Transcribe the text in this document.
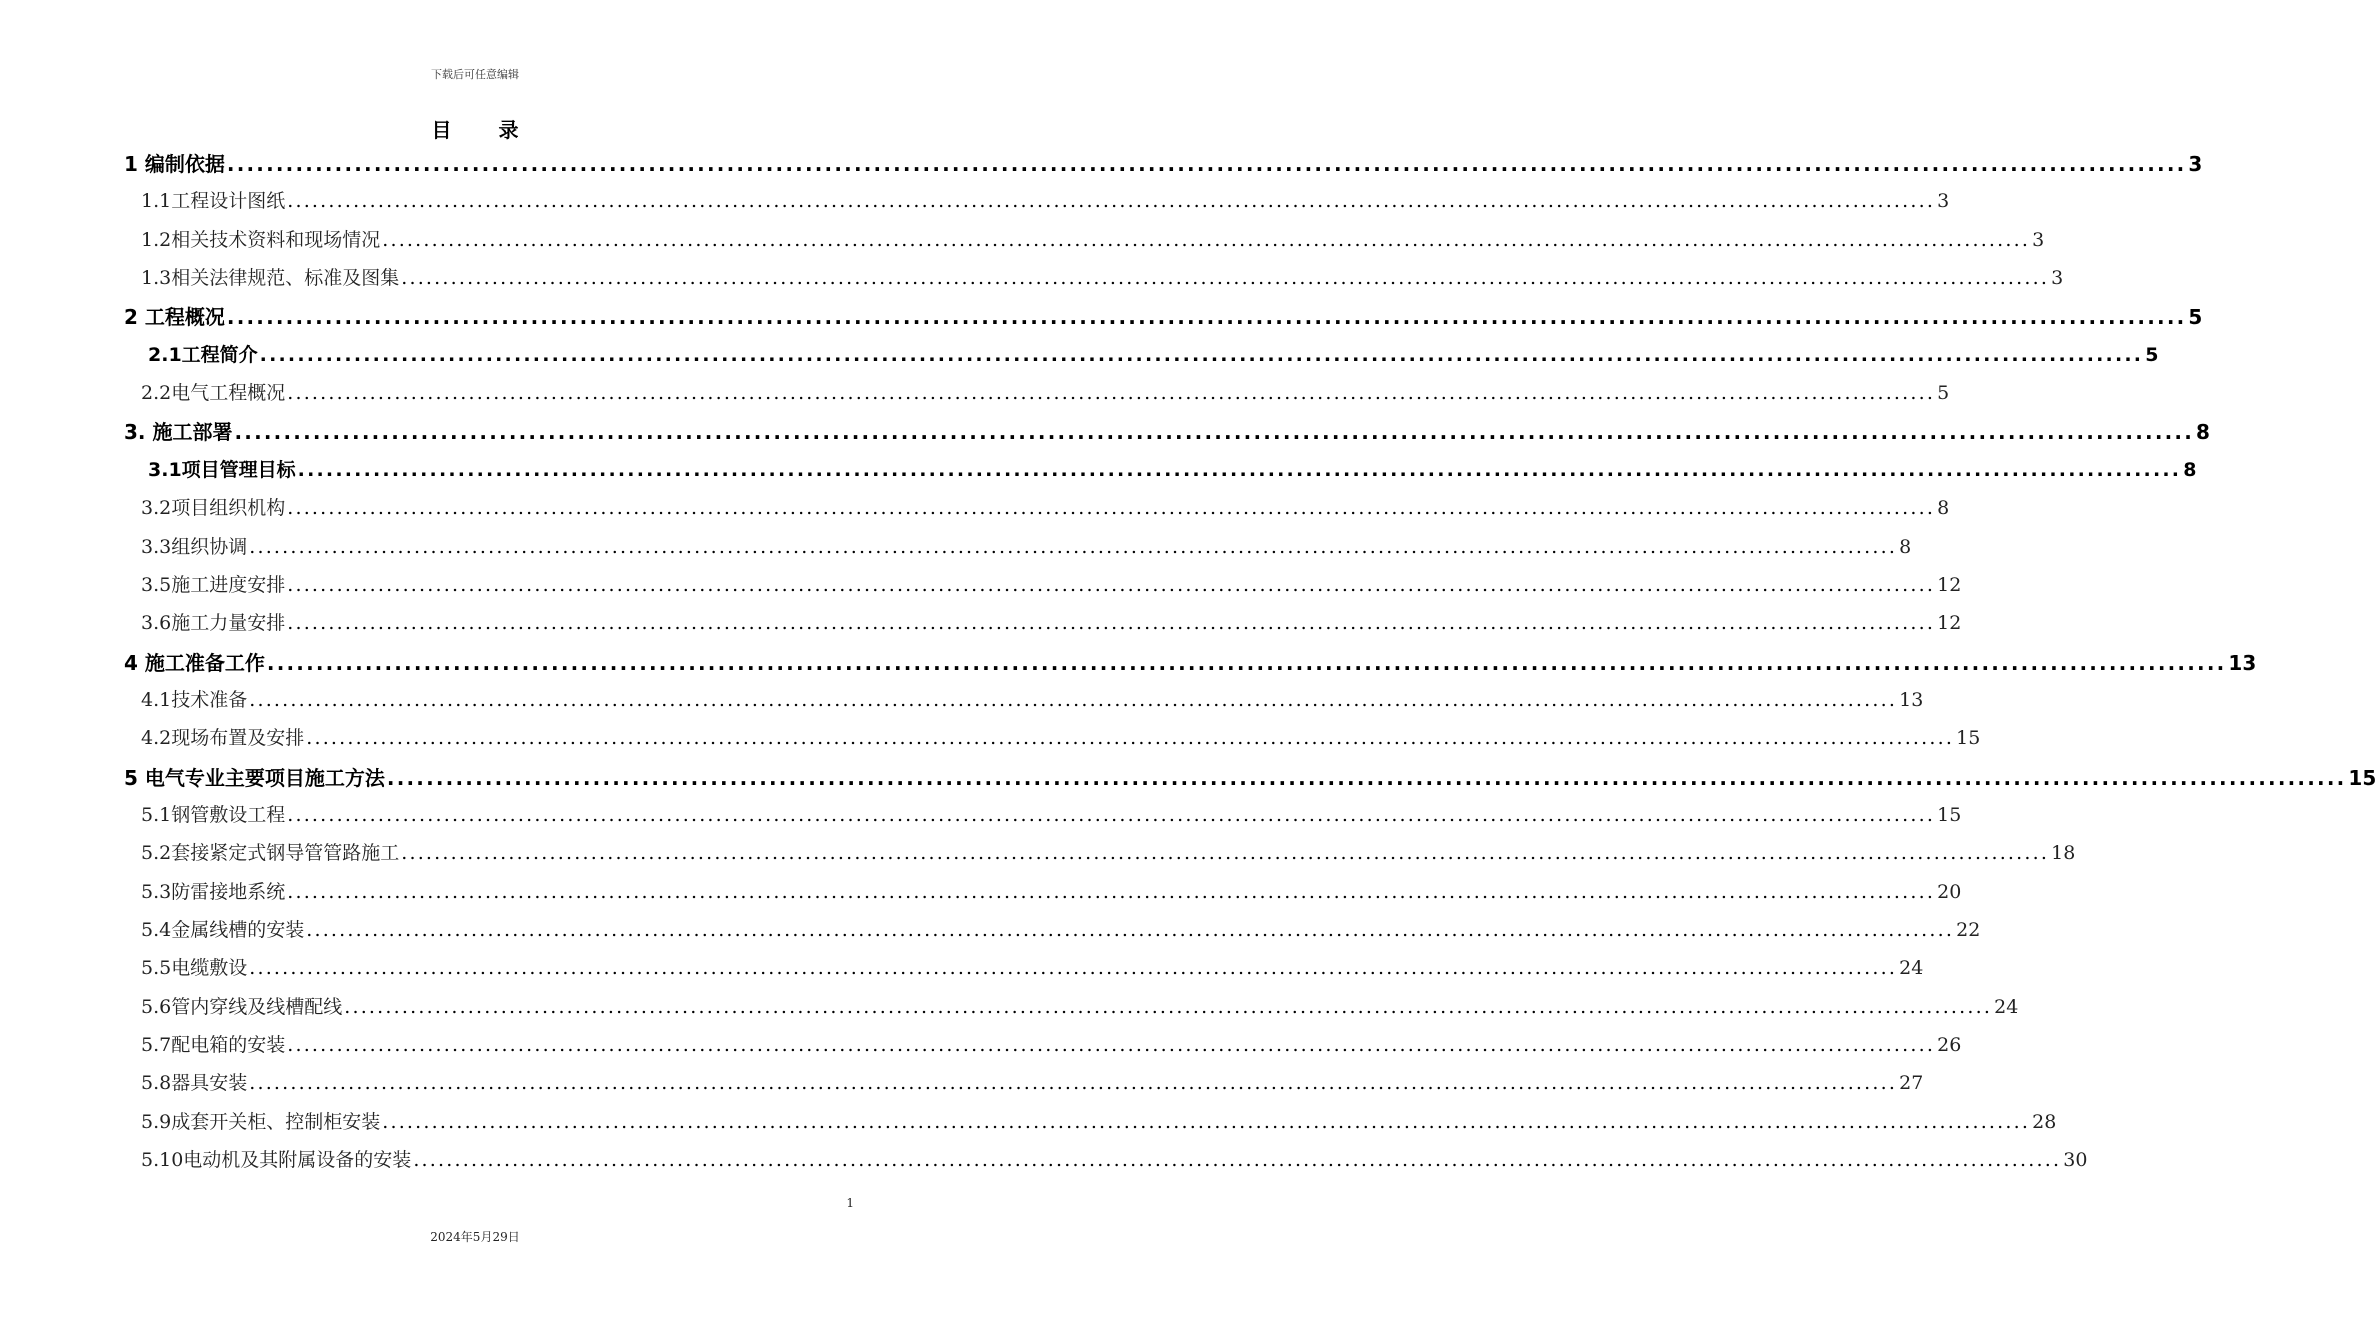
下载后可任意编辑
目 录
1 编制依据 ........................................................................................................................................................................................................ 3
1.1工程设计图纸 ........................................................................................................................................................................................................ 3
1.2相关技术资料和现场情况 ........................................................................................................................................................................................................ 3
1.3相关法律规范、标准及图集 ........................................................................................................................................................................................................ 3
2 工程概况 ........................................................................................................................................................................................................ 5
2.1工程简介 ........................................................................................................................................................................................................ 5
2.2电气工程概况 ........................................................................................................................................................................................................ 5
3. 施工部署 ........................................................................................................................................................................................................ 8
3.1项目管理目标 ........................................................................................................................................................................................................ 8
3.2项目组织机构 ........................................................................................................................................................................................................ 8
3.3组织协调 ........................................................................................................................................................................................................ 8
3.5施工进度安排 ........................................................................................................................................................................................................ 12
3.6施工力量安排 ........................................................................................................................................................................................................ 12
4 施工准备工作 ........................................................................................................................................................................................................ 13
4.1技术准备 ........................................................................................................................................................................................................ 13
4.2现场布置及安排 ........................................................................................................................................................................................................ 15
5 电气专业主要项目施工方法 ........................................................................................................................................................................................................ 15
5.1钢管敷设工程 ........................................................................................................................................................................................................ 15
5.2套接紧定式钢导管管路施工 ........................................................................................................................................................................................................ 18
5.3防雷接地系统 ........................................................................................................................................................................................................ 20
5.4金属线槽的安装 ........................................................................................................................................................................................................ 22
5.5电缆敷设 ........................................................................................................................................................................................................ 24
5.6管内穿线及线槽配线 ........................................................................................................................................................................................................ 24
5.7配电箱的安装 ........................................................................................................................................................................................................ 26
5.8器具安装 ........................................................................................................................................................................................................ 27
5.9成套开关柜、控制柜安装 ........................................................................................................................................................................................................ 28
5.10电动机及其附属设备的安装 ........................................................................................................................................................................................................ 30
1
2024年5月29日
